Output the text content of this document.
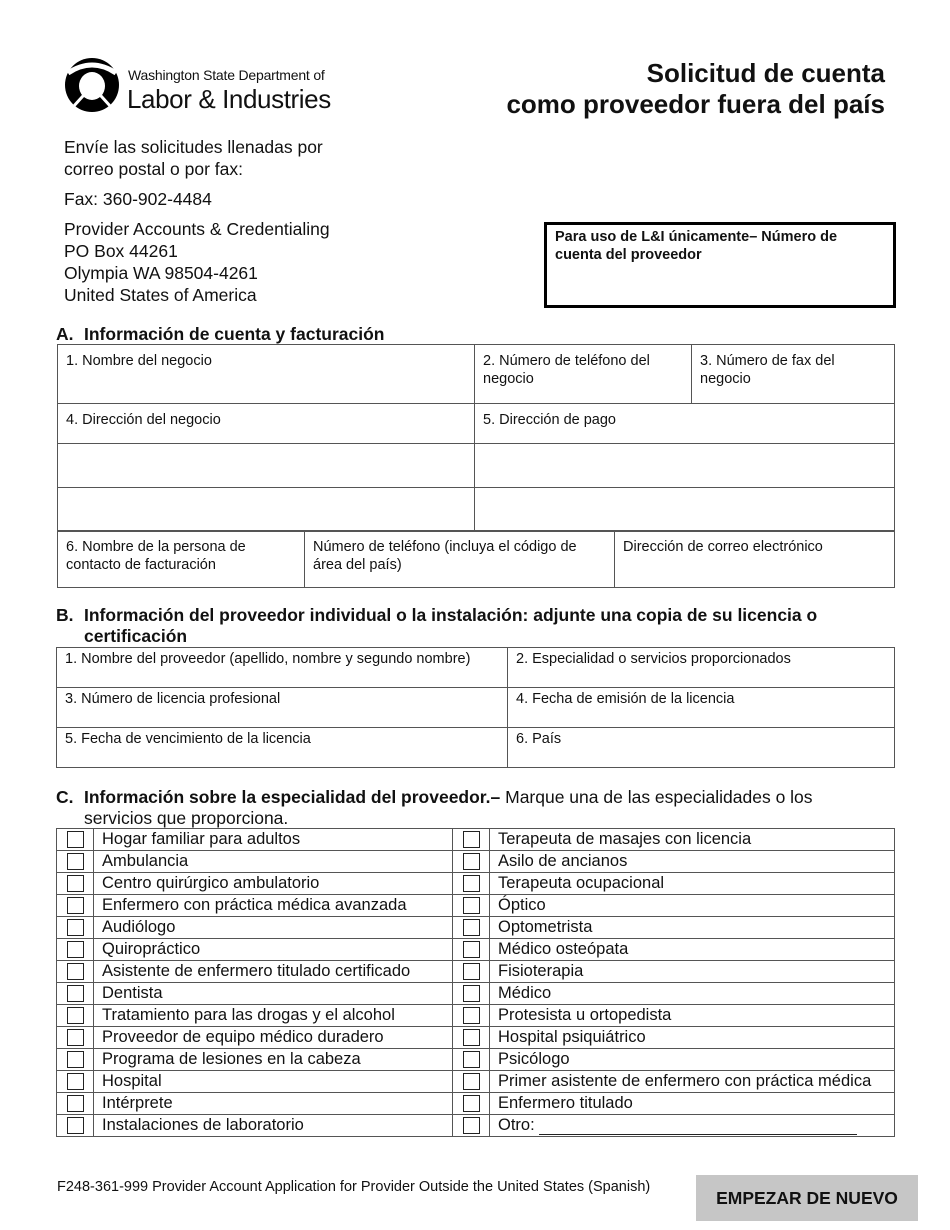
Washington State Department of
Labor & Industries
Solicitud de cuenta
como proveedor fuera del país
Envíe las solicitudes llenadas por
correo postal o por fax:
Fax: 360-902-4484
Provider Accounts & Credentialing
PO Box 44261
Olympia WA 98504-4261
United States of America
Para uso de L&I únicamente– Número de cuenta del proveedor
A. Información de cuenta y facturación
1. Nombre del negocio	2. Número de teléfono del negocio	3. Número de fax del negocio
4. Dirección del negocio	5. Dirección de pago	

6. Nombre de la persona de contacto de facturación	Número de teléfono (incluya el código de área del país)	Dirección de correo electrónico
B. Información del proveedor individual o la instalación: adjunte una copia de su licencia o
certificación
1. Nombre del proveedor (apellido, nombre y segundo nombre)	2. Especialidad o servicios proporcionados
3. Número de licencia profesional	4. Fecha de emisión de la licencia
5. Fecha de vencimiento de la licencia	6. País
C. Información sobre la especialidad del proveedor.– Marque una de las especialidades o los
servicios que proporciona.
	Hogar familiar para adultos		Terapeuta de masajes con licencia
	Ambulancia		Asilo de ancianos
	Centro quirúrgico ambulatorio		Terapeuta ocupacional
	Enfermero con práctica médica avanzada		Óptico
	Audiólogo		Optometrista
	Quiropráctico		Médico osteópata
	Asistente de enfermero titulado certificado		Fisioterapia
	Dentista		Médico
	Tratamiento para las drogas y el alcohol		Protesista u ortopedista
	Proveedor de equipo médico duradero		Hospital psiquiátrico
	Programa de lesiones en la cabeza		Psicólogo
	Hospital		Primer asistente de enfermero con práctica médica
	Intérprete		Enfermero titulado
	Instalaciones de laboratorio		Otro:
F248-361-999 Provider Account Application for Provider Outside the United States (Spanish)
EMPEZAR DE NUEVO
